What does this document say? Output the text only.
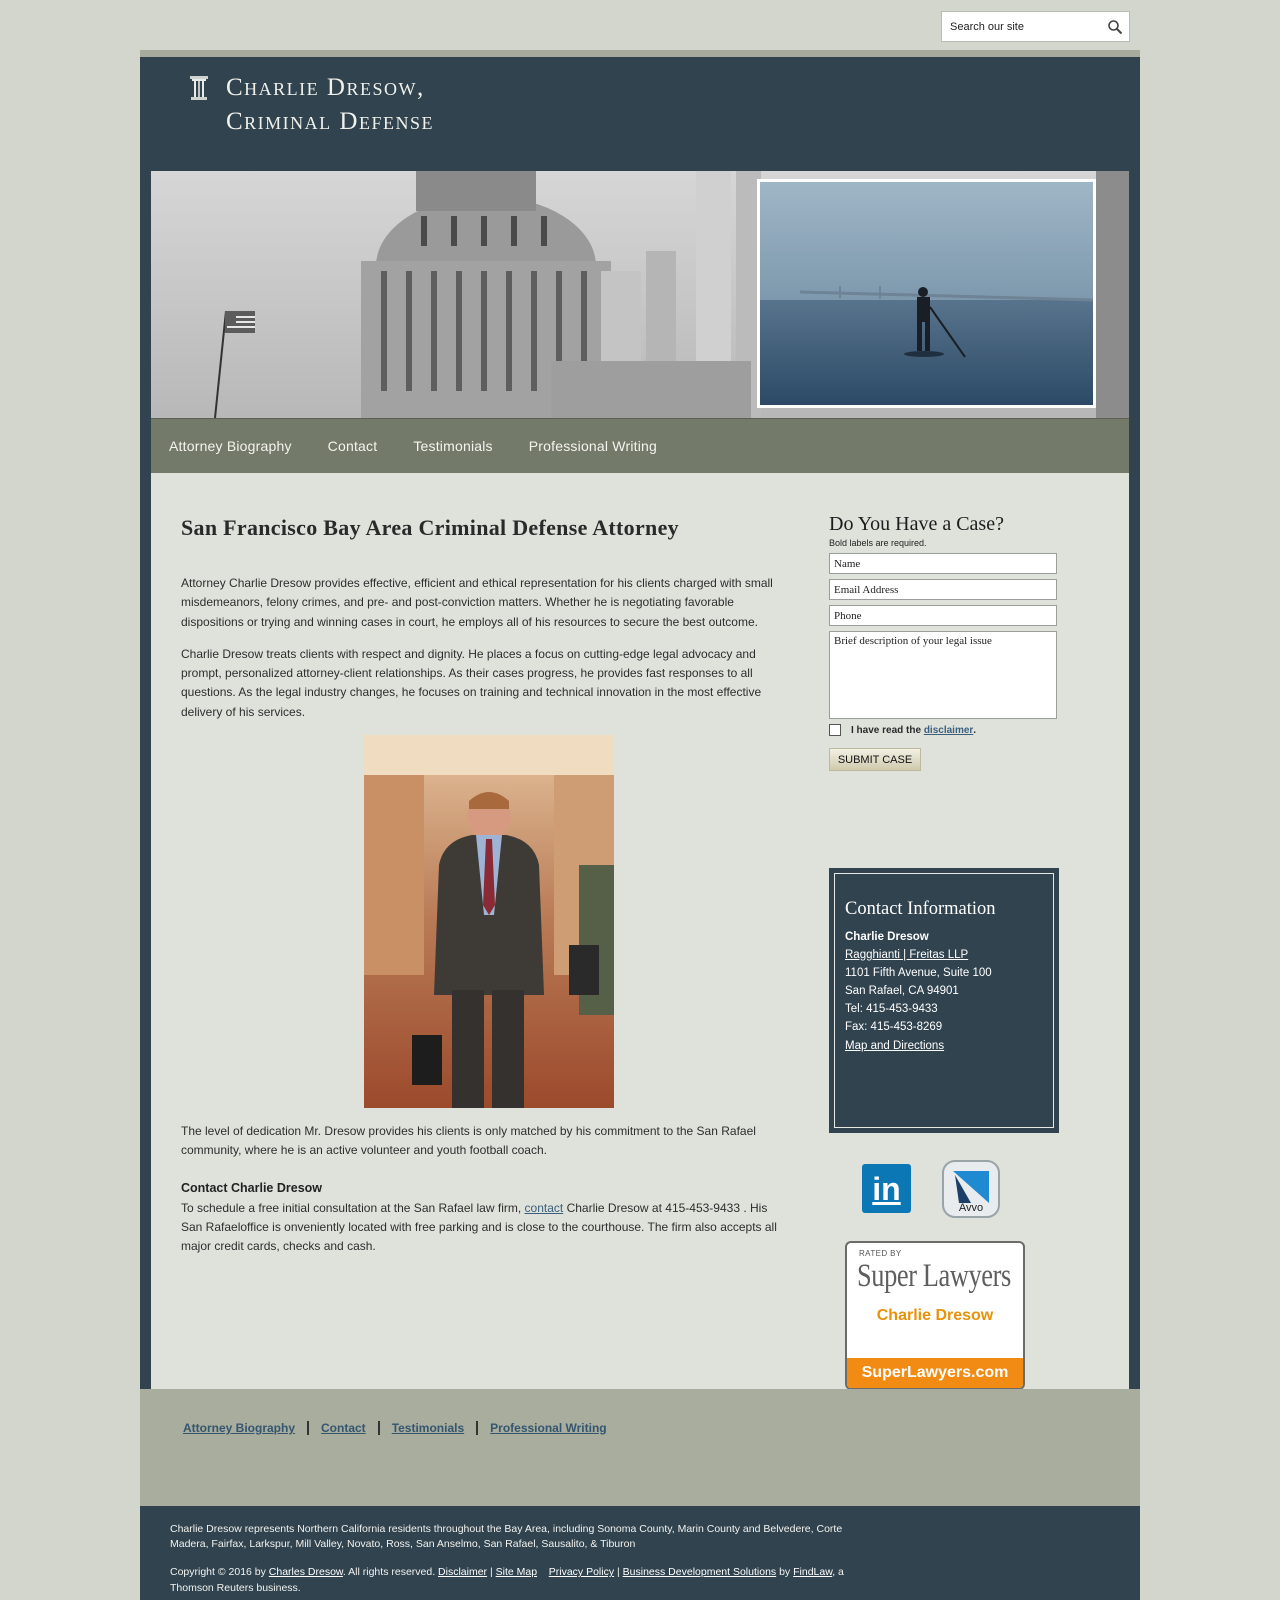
Search our site
Charlie Dresow,
Criminal Defense
Attorney Biography	Contact	Testimonials	Professional Writing
San Francisco Bay Area Criminal Defense Attorney

Attorney Charlie Dresow provides effective, efficient and ethical representation for his clients charged with small misdemeanors, felony crimes, and pre- and post-conviction matters. Whether he is negotiating favorable dispositions or trying and winning cases in court, he employs all of his resources to secure the best outcome.

Charlie Dresow treats clients with respect and dignity. He places a focus on cutting-edge legal advocacy and prompt, personalized attorney-client relationships. As their cases progress, he provides fast responses to all questions. As the legal industry changes, he focuses on training and technical innovation in the most effective delivery of his services.

The level of dedication Mr. Dresow provides his clients is only matched by his commitment to the San Rafael community, where he is an active volunteer and youth football coach.

Contact Charlie Dresow

To schedule a free initial consultation at the San Rafael law firm, contact Charlie Dresow at 415-453-9433 . His San Rafaeloffice is onveniently located with free parking and is close to the courthouse. The firm also accepts all major credit cards, checks and cash.

Do You Have a Case?
Bold labels are required.
Name
Email Address
Phone
Brief description of your legal issue
I have read the
disclaimer .
SUBMIT CASE
Contact Information
Charlie Dresow
Ragghianti | Freitas LLP
1101 Fifth Avenue, Suite 100
San Rafael, CA 94901
Tel: 415-453-9433
Fax: 415-453-8269
Map and Directions
in
Avvo
RATED BY
Super Lawyers
Charlie Dresow
SuperLawyers.com
Attorney Biography Contact Testimonials Professional Writing

Charlie Dresow represents Northern California residents throughout the Bay Area, including Sonoma County, Marin County and Belvedere, Corte Madera, Fairfax, Larkspur, Mill Valley, Novato, Ross, San Anselmo, San Rafael, Sausalito, & Tiburon

Copyright © 2016 by Charles Dresow. All rights reserved. Disclaimer | Site Map Privacy Policy | Business Development Solutions by FindLaw, a Thomson Reuters business.
